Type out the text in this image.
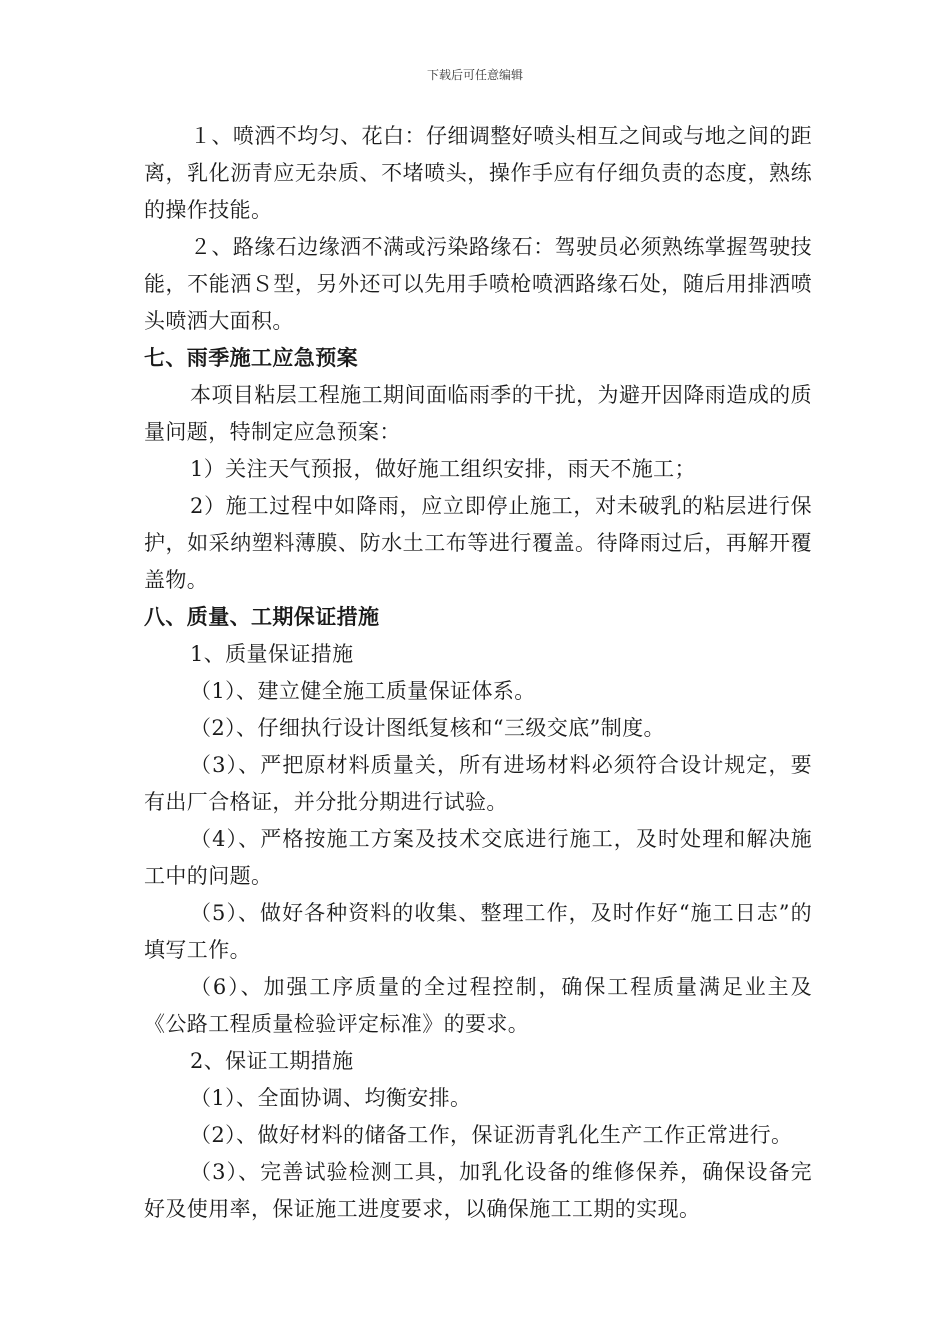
下载后可任意编辑

１、喷洒不均匀、花白：仔细调整好喷头相互之间或与地之间的距离，乳化沥青应无杂质、不堵喷头，操作手应有仔细负责的态度，熟练的操作技能。

２、路缘石边缘洒不满或污染路缘石：驾驶员必须熟练掌握驾驶技能，不能洒Ｓ型，另外还可以先用手喷枪喷洒路缘石处，随后用排洒喷头喷洒大面积。

七、雨季施工应急预案

本项目粘层工程施工期间面临雨季的干扰，为避开因降雨造成的质量问题，特制定应急预案：

1）关注天气预报，做好施工组织安排，雨天不施工；

2）施工过程中如降雨，应立即停止施工，对未破乳的粘层进行保护，如采纳塑料薄膜、防水土工布等进行覆盖。待降雨过后，再解开覆盖物。

八、质量、工期保证措施

1、质量保证措施

（1）、建立健全施工质量保证体系。

（2）、仔细执行设计图纸复核和“三级交底”制度。

（3）、严把原材料质量关，所有进场材料必须符合设计规定，要有出厂合格证，并分批分期进行试验。

（4）、严格按施工方案及技术交底进行施工，及时处理和解决施工中的问题。

（5）、做好各种资料的收集、整理工作，及时作好“施工日志”的填写工作。

（6）、加强工序质量的全过程控制，确保工程质量满足业主及《公路工程质量检验评定标准》的要求。

2、保证工期措施

（1）、全面协调、均衡安排。

（2）、做好材料的储备工作，保证沥青乳化生产工作正常进行。

（3）、完善试验检测工具，加乳化设备的维修保养，确保设备完好及使用率，保证施工进度要求，以确保施工工期的实现。
